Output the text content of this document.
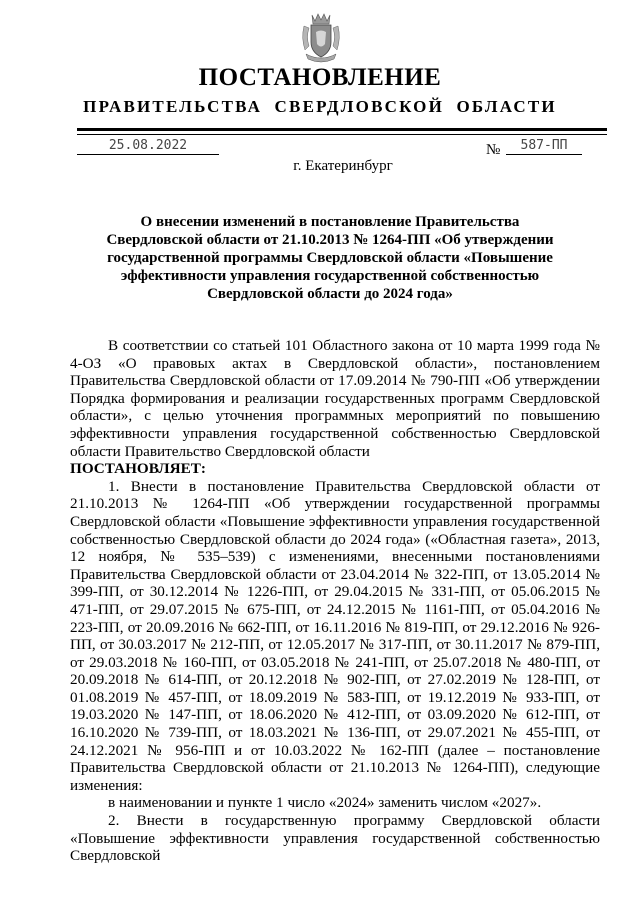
ПОСТАНОВЛЕНИЕ
ПРАВИТЕЛЬСТВА СВЕРДЛОВСКОЙ ОБЛАСТИ
25.08.2022	№	587-ПП
г. Екатеринбург
О внесении изменений в постановление Правительства Свердловской области от 21.10.2013 № 1264-ПП «Об утверждении государственной программы Свердловской области «Повышение эффективности управления государственной собственностью Свердловской области до 2024 года»

В соответствии со статьей 101 Областного закона от 10 марта 1999 года № 4-ОЗ «О правовых актах в Свердловской области», постановлением Правительства Свердловской области от 17.09.2014 № 790-ПП «Об утверждении Порядка формирования и реализации государственных программ Свердловской области», с целью уточнения программных мероприятий по повышению эффективности управления государственной собственностью Свердловской области Правительство Свердловской области

ПОСТАНОВЛЯЕТ:

1. Внести в постановление Правительства Свердловской области от 21.10.2013 № 1264-ПП «Об утверждении государственной программы Свердловской области «Повышение эффективности управления государственной собственностью Свердловской области до 2024 года» («Областная газета», 2013, 12 ноября, № 535–539) с изменениями, внесенными постановлениями Правительства Свердловской области от 23.04.2014 № 322-ПП, от 13.05.2014 № 399-ПП, от 30.12.2014 № 1226-ПП, от 29.04.2015 № 331-ПП, от 05.06.2015 № 471-ПП, от 29.07.2015 № 675-ПП, от 24.12.2015 № 1161-ПП, от 05.04.2016 № 223-ПП, от 20.09.2016 № 662-ПП, от 16.11.2016 № 819-ПП, от 29.12.2016 № 926-ПП, от 30.03.2017 № 212-ПП, от 12.05.2017 № 317-ПП, от 30.11.2017 № 879-ПП, от 29.03.2018 № 160-ПП, от 03.05.2018 № 241-ПП, от 25.07.2018 № 480-ПП, от 20.09.2018 № 614-ПП, от 20.12.2018 № 902-ПП, от 27.02.2019 № 128-ПП, от 01.08.2019 № 457-ПП, от 18.09.2019 № 583-ПП, от 19.12.2019 № 933-ПП, от 19.03.2020 № 147-ПП, от 18.06.2020 № 412-ПП, от 03.09.2020 № 612-ПП, от 16.10.2020 № 739-ПП, от 18.03.2021 № 136-ПП, от 29.07.2021 № 455-ПП, от 24.12.2021 № 956-ПП и от 10.03.2022 № 162-ПП (далее – постановление Правительства Свердловской области от 21.10.2013 № 1264-ПП), следующие изменения:

в наименовании и пункте 1 число «2024» заменить числом «2027».

2. Внести в государственную программу Свердловской области «Повышение эффективности управления государственной собственностью Свердловской
